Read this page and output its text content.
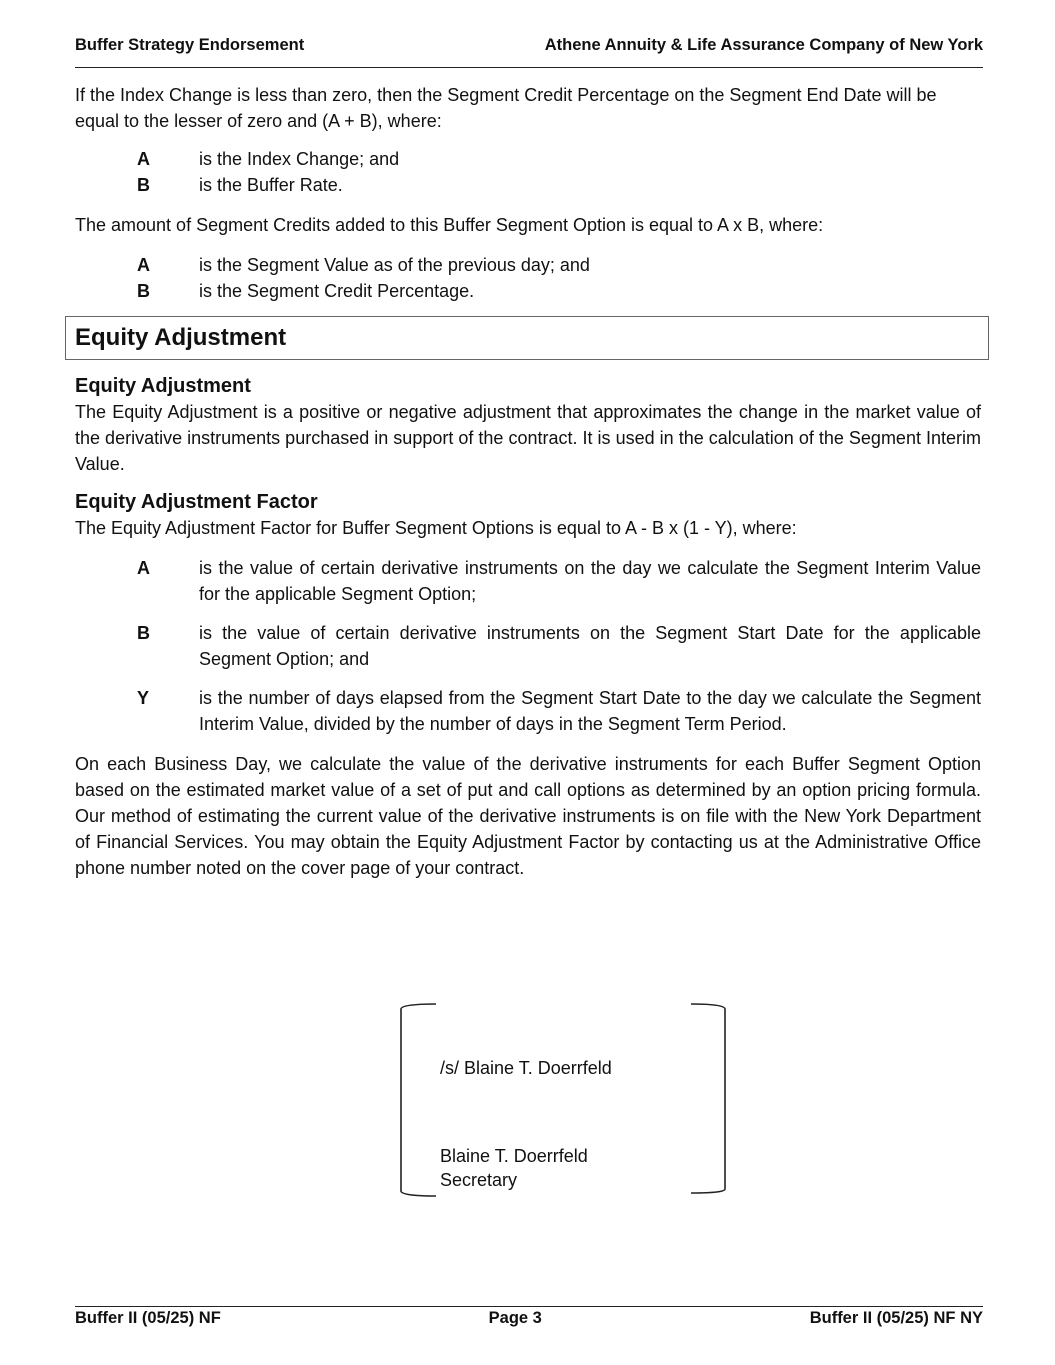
Buffer Strategy Endorsement	Athene Annuity & Life Assurance Company of New York

If the Index Change is less than zero, then the Segment Credit Percentage on the Segment End Date will be equal to the lesser of zero and (A + B), where:

A	is the Index Change; and
B	is the Buffer Rate.

The amount of Segment Credits added to this Buffer Segment Option is equal to A x B, where:

A	is the Segment Value as of the previous day; and
B	is the Segment Credit Percentage.
Equity Adjustment
Equity Adjustment

The Equity Adjustment is a positive or negative adjustment that approximates the change in the market value of the derivative instruments purchased in support of the contract. It is used in the calculation of the Segment Interim Value.

Equity Adjustment Factor

The Equity Adjustment Factor for Buffer Segment Options is equal to A - B x (1 - Y), where:

A	is the value of certain derivative instruments on the day we calculate the Segment Interim Value for the applicable Segment Option;
B	is the value of certain derivative instruments on the Segment Start Date for the applicable Segment Option; and
Y	is the number of days elapsed from the Segment Start Date to the day we calculate the Segment Interim Value, divided by the number of days in the Segment Term Period.

On each Business Day, we calculate the value of the derivative instruments for each Buffer Segment Option based on the estimated market value of a set of put and call options as determined by an option pricing formula. Our method of estimating the current value of the derivative instruments is on file with the New York Department of Financial Services. You may obtain the Equity Adjustment Factor by contacting us at the Administrative Office phone number noted on the cover page of your contract.

/s/ Blaine T. Doerrfeld
Blaine T. Doerrfeld
Secretary
Buffer II (05/25) NF	Page 3	Buffer II (05/25) NF NY
